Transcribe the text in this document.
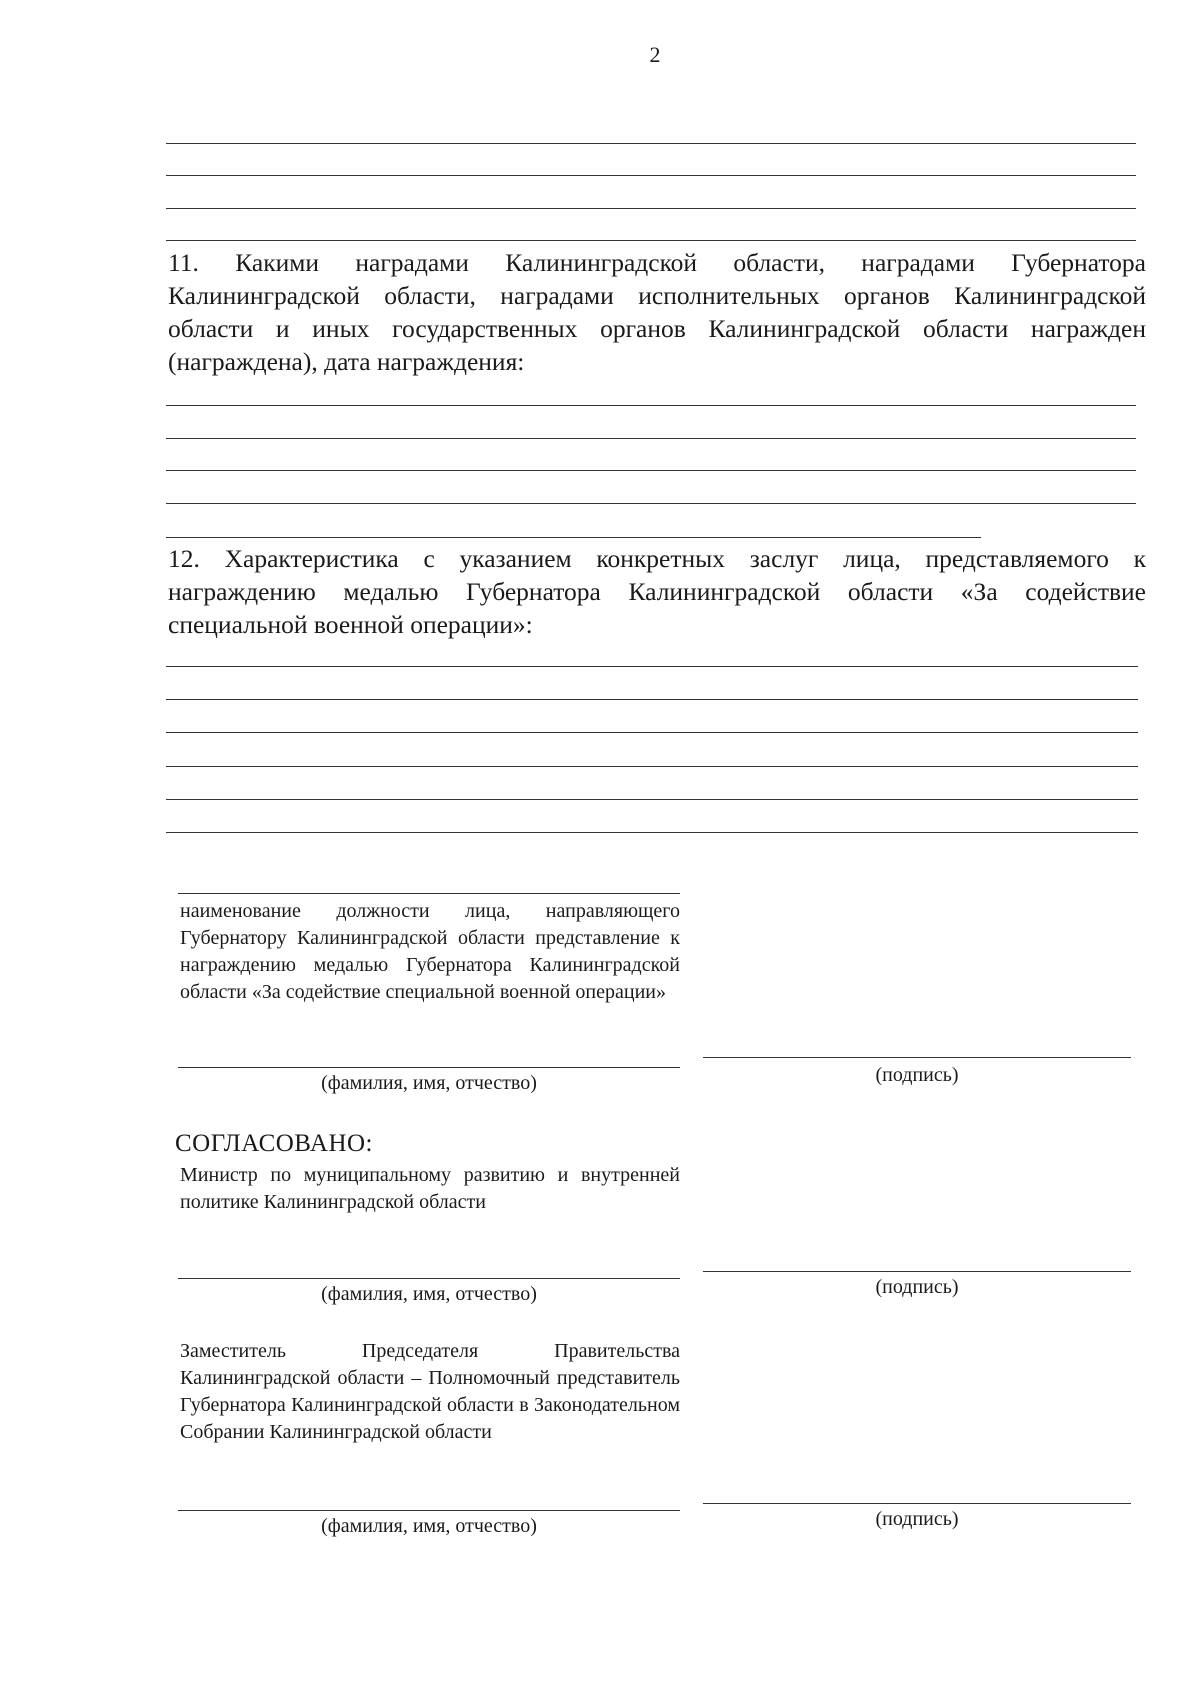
2
11. Какими наградами Калининградской области, наградами Губернатора Калининградской области, наградами исполнительных органов Калининградской области и иных государственных органов Калининградской области награжден (награждена), дата награждения:
12. Характеристика с указанием конкретных заслуг лица, представляемого к награждению медалью Губернатора Калининградской области «За содействие специальной военной операции»:
наименование должности лица, направляющего Губернатору Калининградской области представление к награждению медалью Губернатора Калининградской области «За содействие специальной военной операции»
(фамилия, имя, отчество)	(подпись)
СОГЛАСОВАНО:
Министр по муниципальному развитию и внутренней политике Калининградской области
(фамилия, имя, отчество)	(подпись)
Заместитель Председателя Правительства Калининградской области – Полномочный представитель Губернатора Калининградской области в Законодательном Собрании Калининградской области
(фамилия, имя, отчество)	(подпись)
